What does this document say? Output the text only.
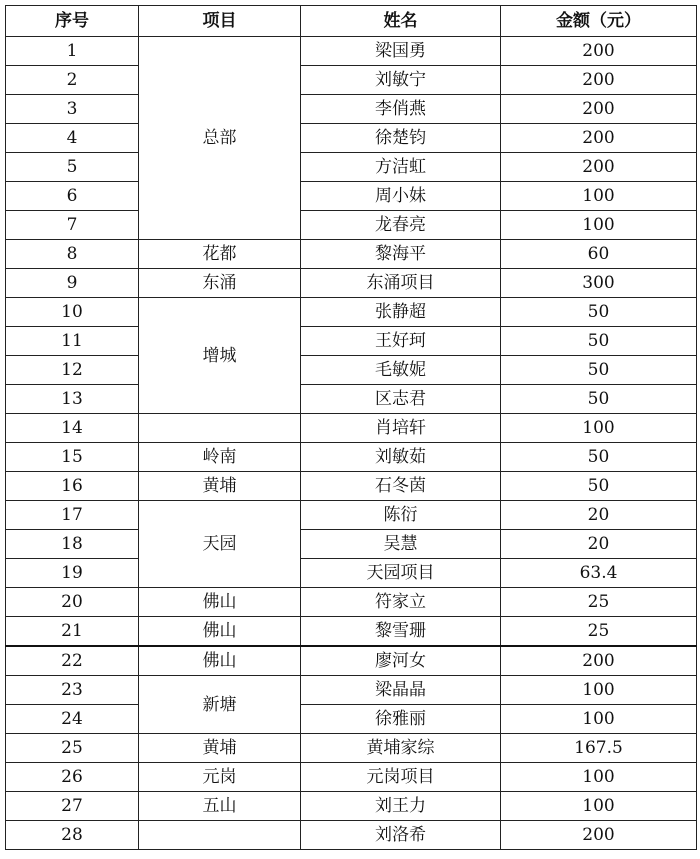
序号	项目	姓名	金额（元）
1	总部	梁国勇	200
2		刘敏宁	200
3		李俏燕	200
4		徐楚钧	200
5		方洁虹	200
6		周小妹	100
7		龙春亮	100
8	花都	黎海平	60
9	东涌	东涌项目	300
10	增城	张静超	50
11		王好珂	50
12		毛敏妮	50
13		区志君	50
14		肖培轩	100
15	岭南	刘敏茹	50
16	黄埔	石冬茵	50
17	天园	陈衍	20
18		吴慧	20
19		天园项目	63.4
20	佛山	符家立	25
21	佛山	黎雪珊	25
22	佛山	廖河女	200
23	新塘	梁晶晶	100
24		徐雅丽	100
25	黄埔	黄埔家综	167.5
26	元岗	元岗项目	100
27	五山	刘王力	100
28		刘洛希	200
